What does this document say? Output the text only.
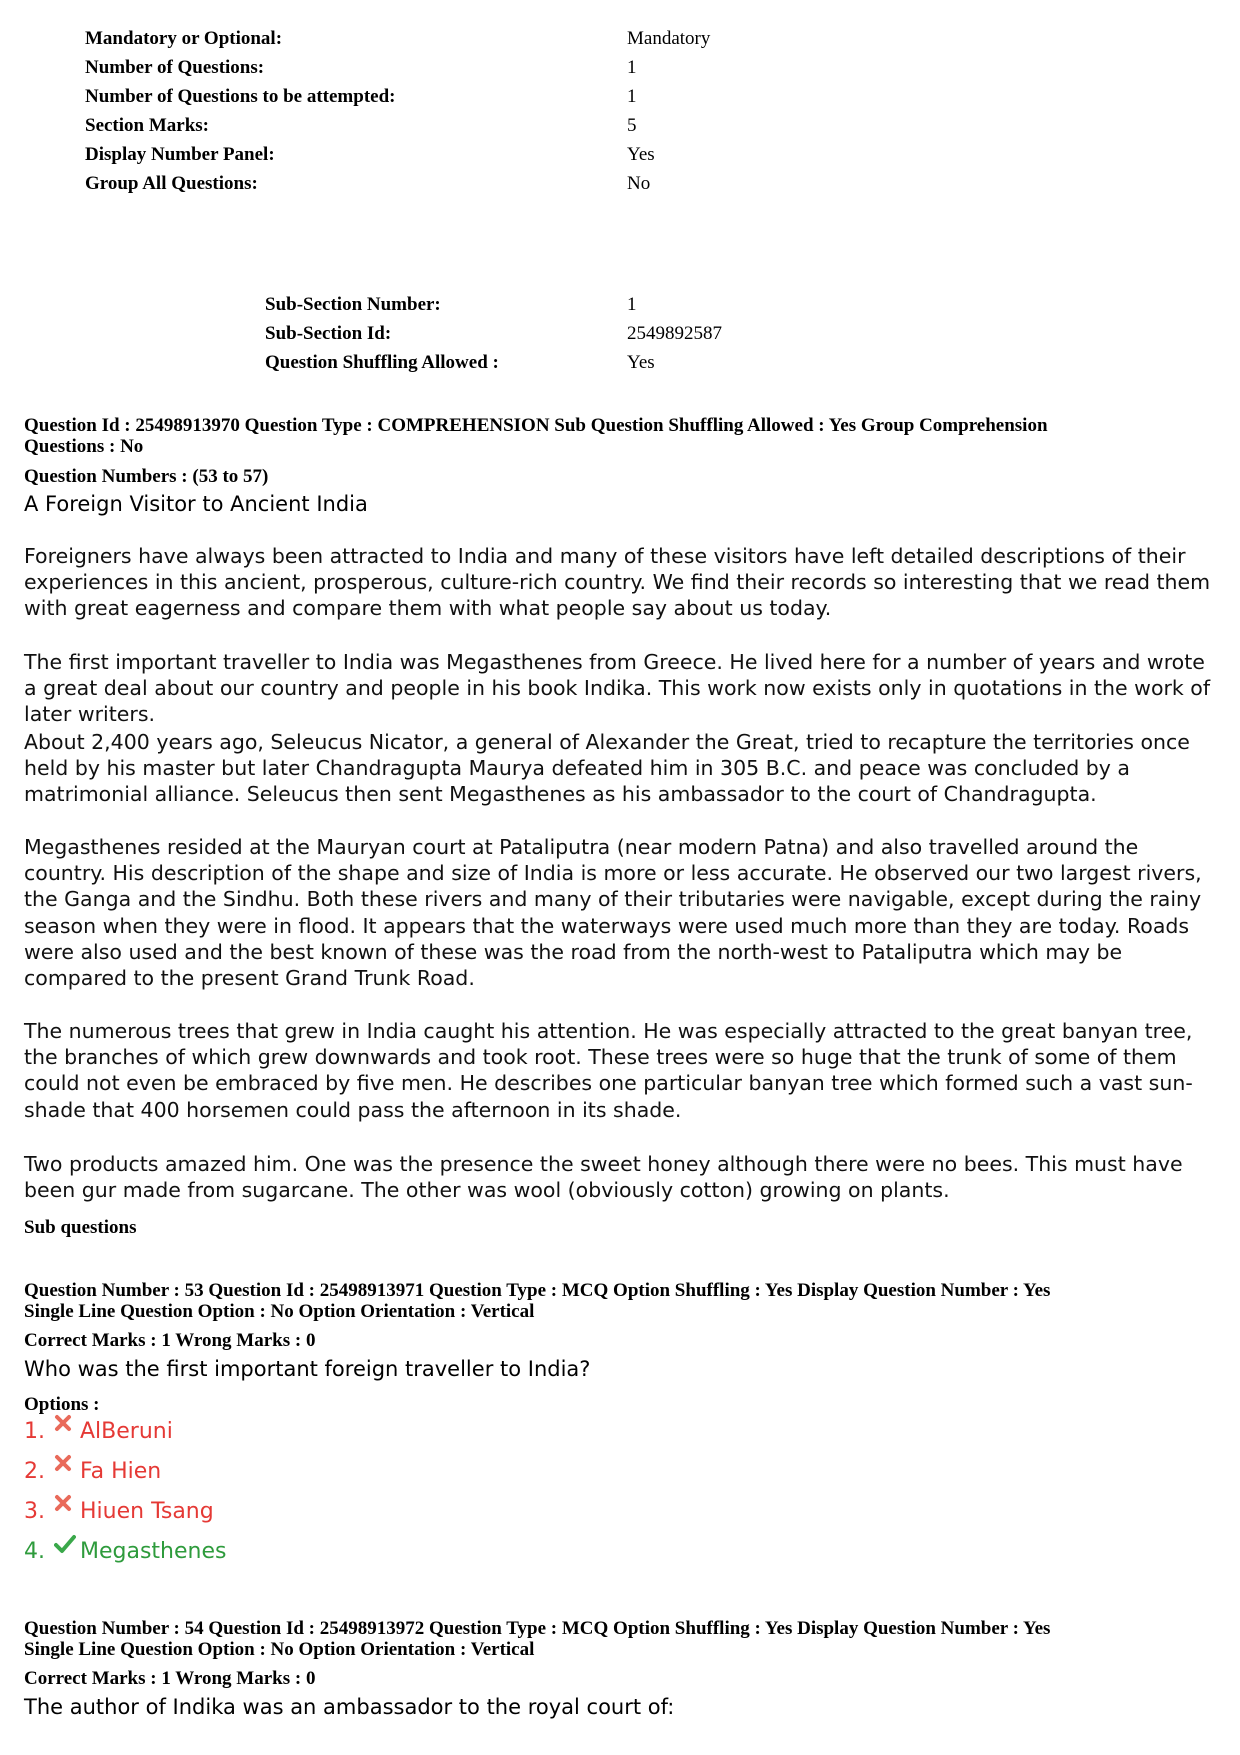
Mandatory or Optional:	Mandatory
Number of Questions:	1
Number of Questions to be attempted:	1
Section Marks:	5
Display Number Panel:	Yes
Group All Questions:	No
Sub-Section Number:	1
Sub-Section Id:	2549892587
Question Shuffling Allowed :	Yes
Question Id : 25498913970 Question Type : COMPREHENSION Sub Question Shuffling Allowed : Yes Group Comprehension
Questions : No
Question Numbers : (53 to 57)
A Foreign Visitor to Ancient India
Foreigners have always been attracted to India and many of these visitors have left detailed descriptions of their experiences in this ancient, prosperous, culture-rich country. We find their records so interesting that we read them with great eagerness and compare them with what people say about us today.
The first important traveller to India was Megasthenes from Greece. He lived here for a number of years and wrote a great deal about our country and people in his book Indika. This work now exists only in quotations in the work of later writers.
About 2,400 years ago, Seleucus Nicator, a general of Alexander the Great, tried to recapture the territories once held by his master but later Chandragupta Maurya defeated him in 305 B.C. and peace was concluded by a matrimonial alliance. Seleucus then sent Megasthenes as his ambassador to the court of Chandragupta.
Megasthenes resided at the Mauryan court at Pataliputra (near modern Patna) and also travelled around the country. His description of the shape and size of India is more or less accurate. He observed our two largest rivers, the Ganga and the Sindhu. Both these rivers and many of their tributaries were navigable, except during the rainy season when they were in flood. It appears that the waterways were used much more than they are today. Roads were also used and the best known of these was the road from the north-west to Pataliputra which may be compared to the present Grand Trunk Road.
The numerous trees that grew in India caught his attention. He was especially attracted to the great banyan tree, the branches of which grew downwards and took root. These trees were so huge that the trunk of some of them could not even be embraced by five men. He describes one particular banyan tree which formed such a vast sun-shade that 400 horsemen could pass the afternoon in its shade.
Two products amazed him. One was the presence the sweet honey although there were no bees. This must have been gur made from sugarcane. The other was wool (obviously cotton) growing on plants.
Sub questions
Question Number : 53 Question Id : 25498913971 Question Type : MCQ Option Shuffling : Yes Display Question Number : Yes
Single Line Question Option : No Option Orientation : Vertical
Correct Marks : 1 Wrong Marks : 0
Who was the first important foreign traveller to India?
Options :
1. AlBeruni
2. Fa Hien
3. Hiuen Tsang
4. Megasthenes
Question Number : 54 Question Id : 25498913972 Question Type : MCQ Option Shuffling : Yes Display Question Number : Yes
Single Line Question Option : No Option Orientation : Vertical
Correct Marks : 1 Wrong Marks : 0
The author of Indika was an ambassador to the royal court of:
